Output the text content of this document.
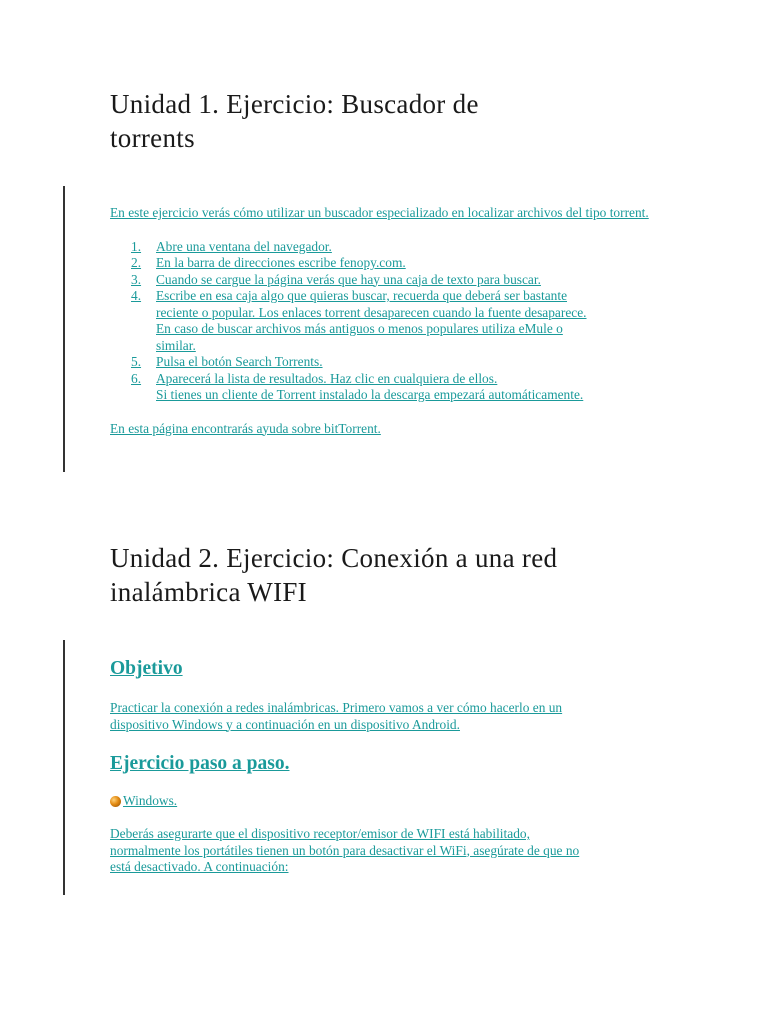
Unidad 1. Ejercicio: Buscador de
torrents

En este ejercicio verás cómo utilizar un buscador especializado en localizar archivos del tipo torrent.

1. Abre una ventana del navegador.
2. En la barra de direcciones escribe fenopy.com.
3. Cuando se cargue la página verás que hay una caja de texto para buscar.
4. Escribe en esa caja algo que quieras buscar, recuerda que deberá ser bastante
reciente o popular. Los enlaces torrent desaparecen cuando la fuente desaparece.
En caso de buscar archivos más antiguos o menos populares utiliza eMule o
similar.
5. Pulsa el botón Search Torrents.
6. Aparecerá la lista de resultados. Haz clic en cualquiera de ellos.
Si tienes un cliente de Torrent instalado la descarga empezará automáticamente.

En esta página encontrarás ayuda sobre bitTorrent.

Unidad 2. Ejercicio: Conexión a una red
inalámbrica WIFI
Objetivo
Practicar la conexión a redes inalámbricas. Primero vamos a ver cómo hacerlo en un
dispositivo Windows y a continuación en un dispositivo Android.
Ejercicio paso a paso.
Windows.
Deberás asegurarte que el dispositivo receptor/emisor de WIFI está habilitado,
normalmente los portátiles tienen un botón para desactivar el WiFi, asegúrate de que no
está desactivado. A continuación:
